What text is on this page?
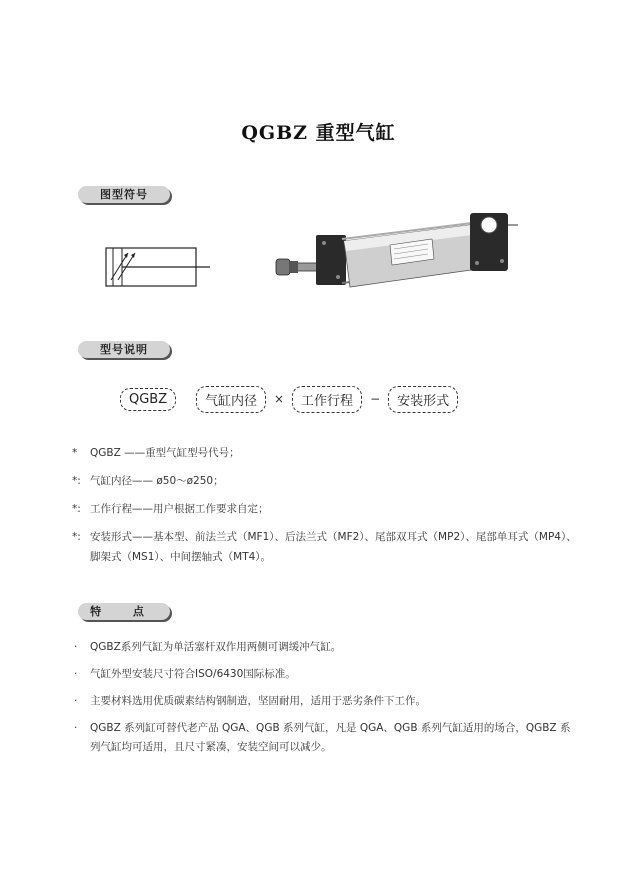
QGBZ 重型气缸
图型符号
型号说明
QGBZ
	气缸内径	×	工作行程	−	安装形式
* QGBZ ——重型气缸型号代号；
*: 气缸内径—— ø50～ø250；
*: 工作行程——用户根据工作要求自定；
*: 安装形式——基本型、前法兰式（MF1）、后法兰式（MF2）、尾部双耳式（MP2）、尾部单耳式（MP4）、脚架式（MS1）、中间摆轴式（MT4）。
特 点
· QGBZ系列气缸为单活塞杆双作用两侧可调缓冲气缸。
· 气缸外型安装尺寸符合ISO/6430国际标准。
· 主要材料选用优质碳素结构钢制造，坚固耐用，适用于恶劣条件下工作。
· QGBZ 系列缸可替代老产品 QGA、QGB 系列气缸，凡是 QGA、QGB 系列气缸适用的场合，QGBZ 系列气缸均可适用，且尺寸紧凑，安装空间可以减少。
